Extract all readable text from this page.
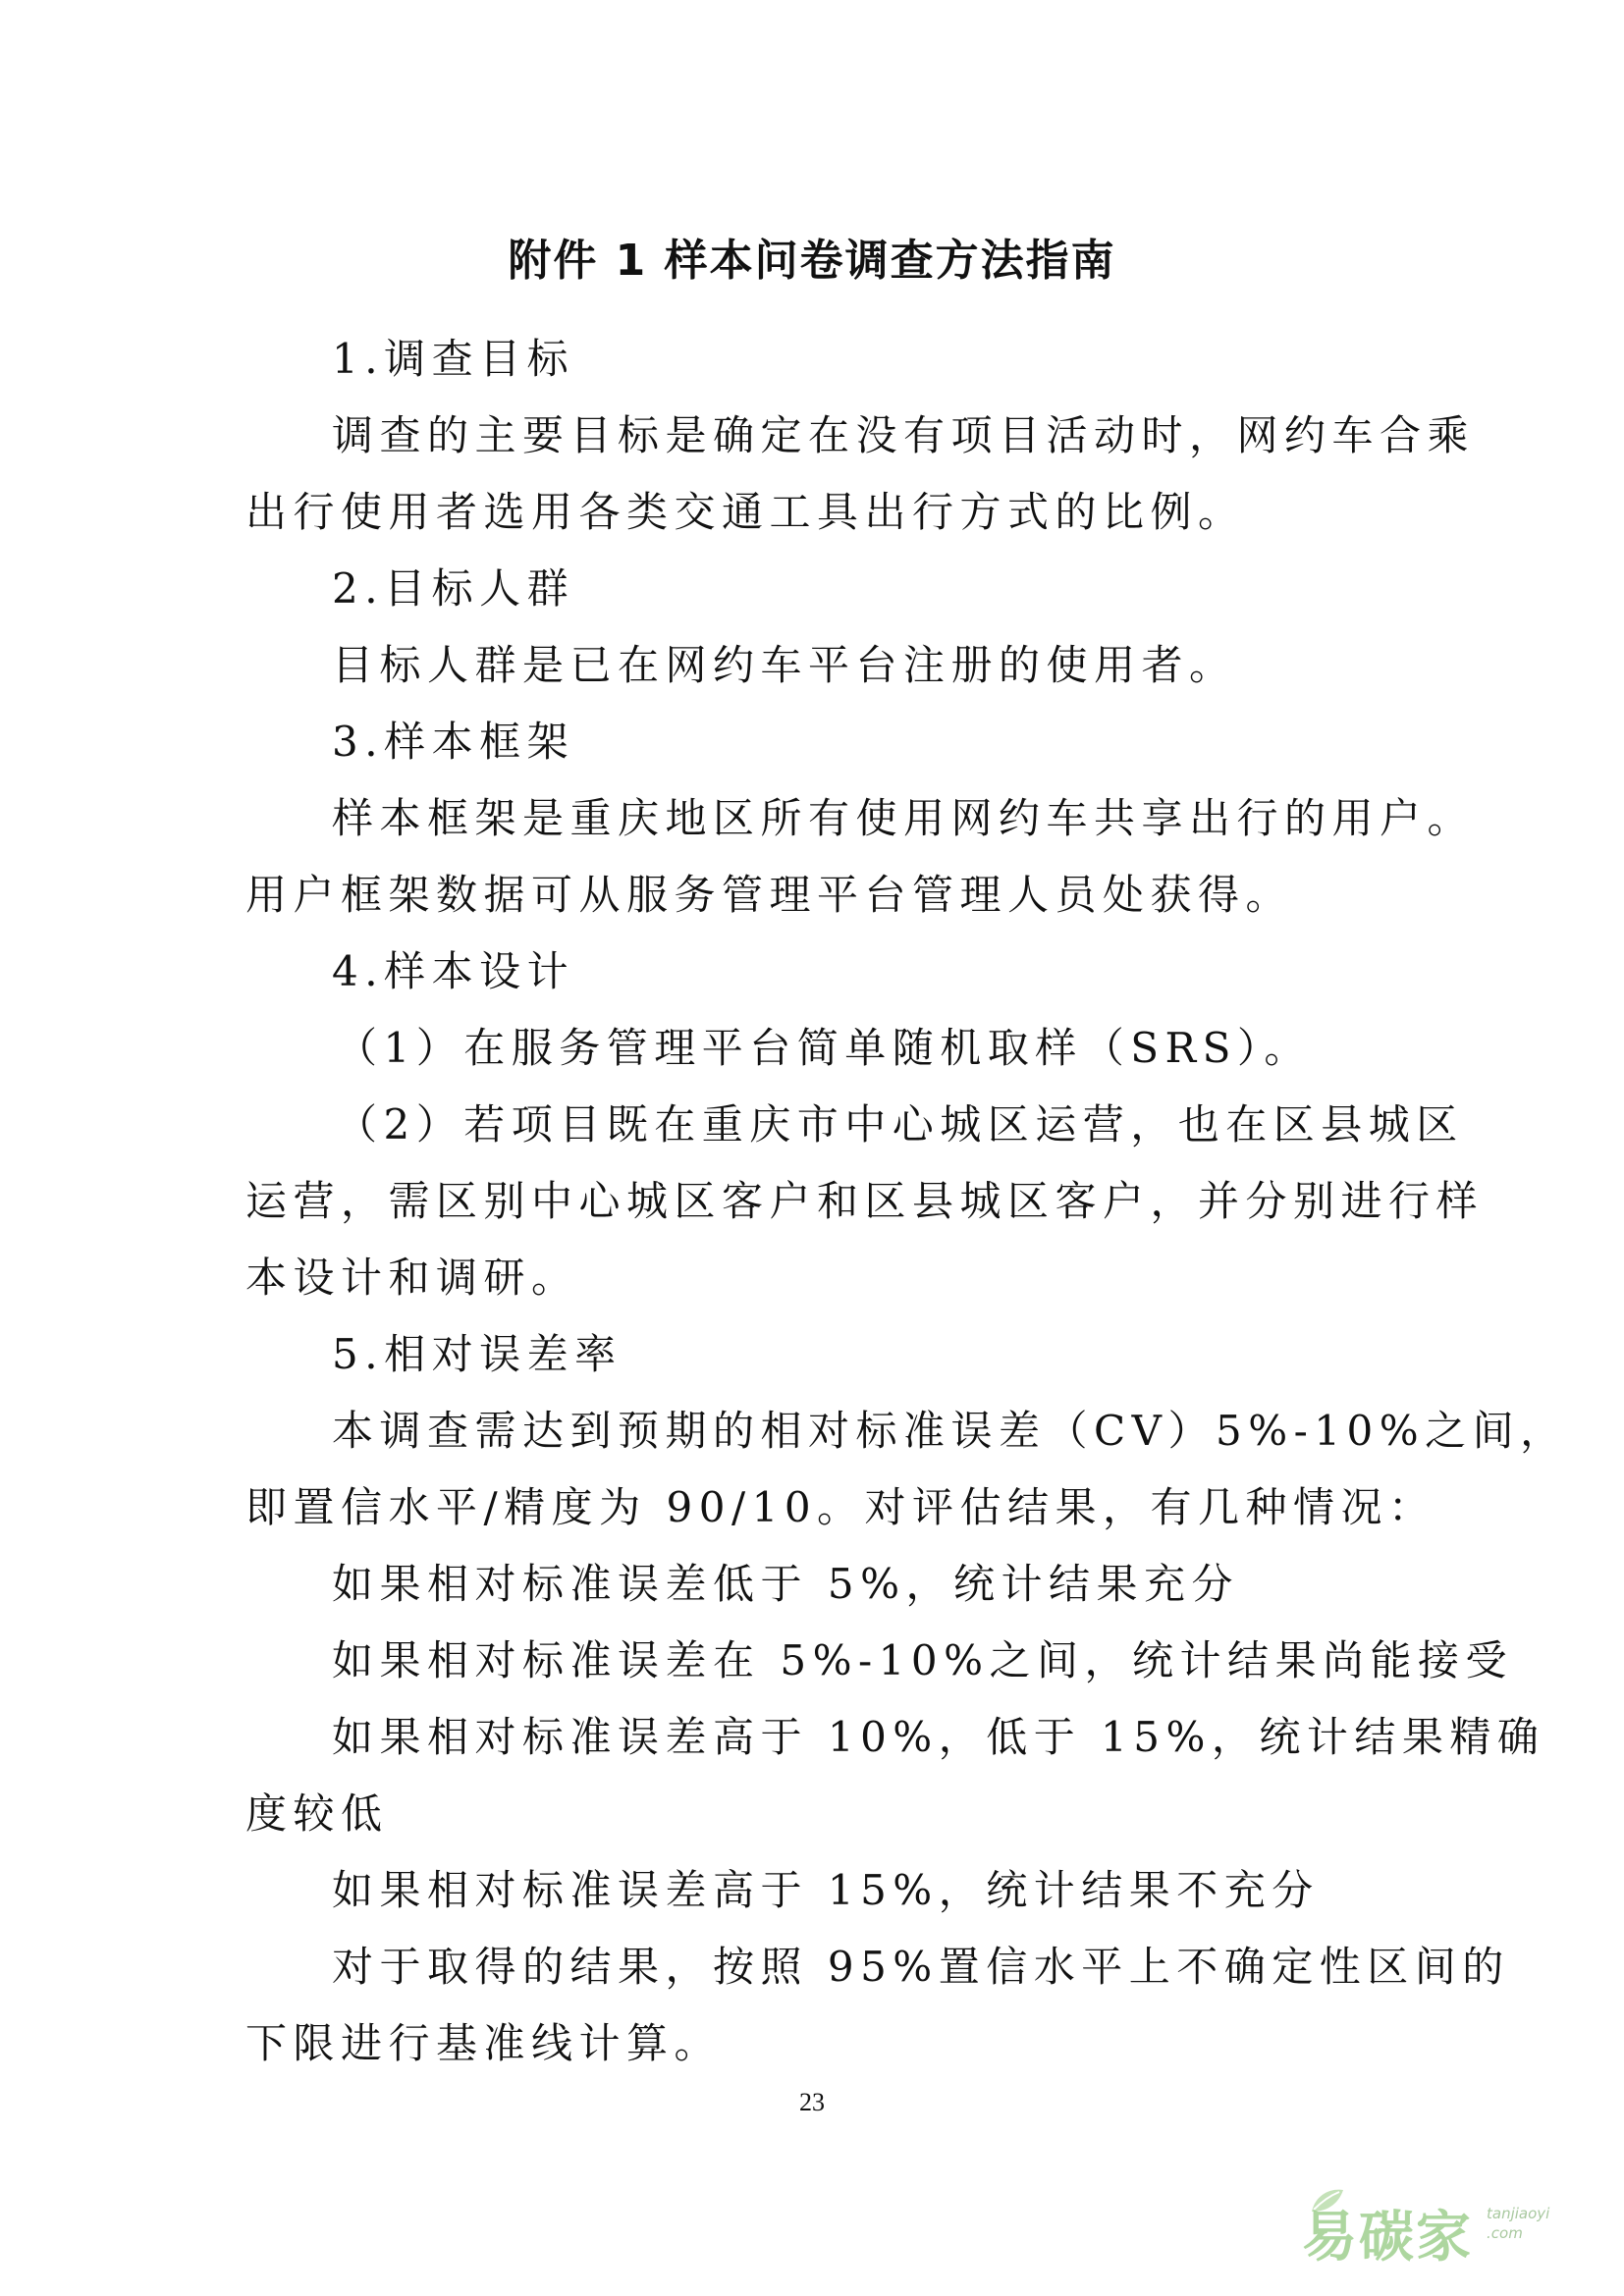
附件 1 样本问卷调查方法指南
1.调查目标
调查的主要目标是确定在没有项目活动时，网约车合乘
出行使用者选用各类交通工具出行方式的比例。
2.目标人群
目标人群是已在网约车平台注册的使用者。
3.样本框架
样本框架是重庆地区所有使用网约车共享出行的用户。
用户框架数据可从服务管理平台管理人员处获得。
4.样本设计
（1）在服务管理平台简单随机取样（SRS）。
（2）若项目既在重庆市中心城区运营，也在区县城区
运营，需区别中心城区客户和区县城区客户，并分别进行样
本设计和调研。
5.相对误差率
本调查需达到预期的相对标准误差（CV）5%-10%之间，
即置信水平/精度为 90/10。对评估结果，有几种情况：
如果相对标准误差低于 5%，统计结果充分
如果相对标准误差在 5%-10%之间，统计结果尚能接受
如果相对标准误差高于 10%，低于 15%，统计结果精确
度较低
如果相对标准误差高于 15%，统计结果不充分
对于取得的结果，按照 95%置信水平上不确定性区间的
下限进行基准线计算。
23
易碳家 tanjiaoyi
.com
